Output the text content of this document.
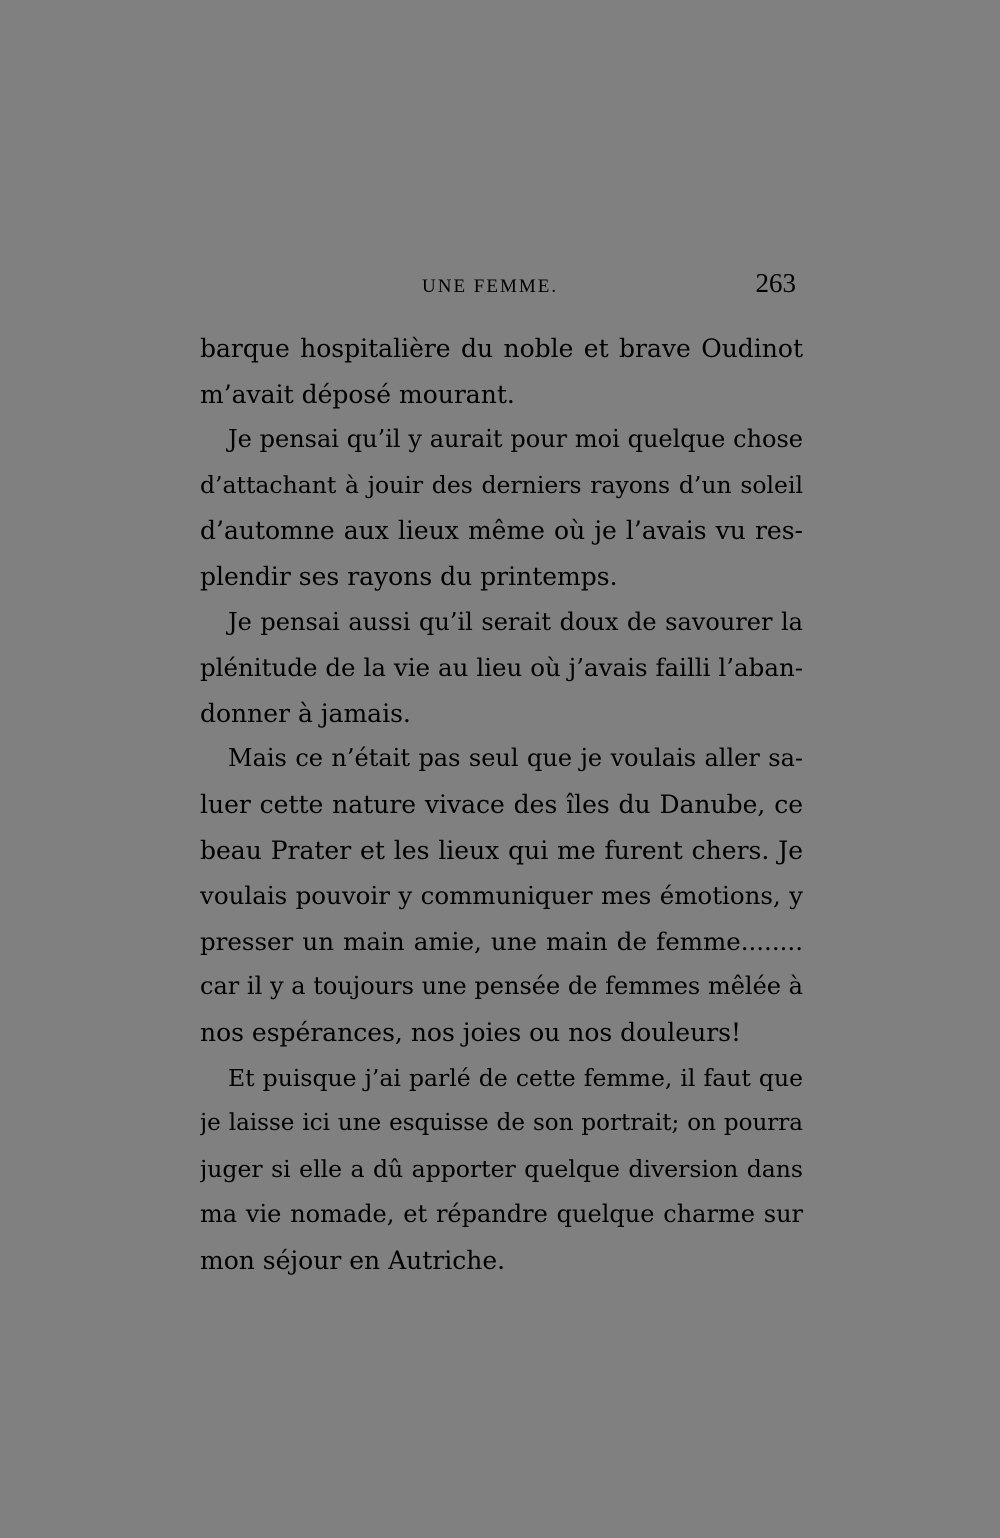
UNE FEMME.	263
barque hospitalière du noble et brave Oudinot
m’avait déposé mourant.
Je pensai qu’il y aurait pour moi quelque chose
d’attachant à jouir des derniers rayons d’un soleil
d’automne aux lieux même où je l’avais vu res-
plendir ses rayons du printemps.
Je pensai aussi qu’il serait doux de savourer la
plénitude de la vie au lieu où j’avais failli l’aban-
donner à jamais.
Mais ce n’était pas seul que je voulais aller sa-
luer cette nature vivace des îles du Danube, ce
beau Prater et les lieux qui me furent chers. Je
voulais pouvoir y communiquer mes émotions, y
presser un main amie, une main de femme........
car il y a toujours une pensée de femmes mêlée à
nos espérances, nos joies ou nos douleurs!
Et puisque j’ai parlé de cette femme, il faut que
je laisse ici une esquisse de son portrait; on pourra
juger si elle a dû apporter quelque diversion dans
ma vie nomade, et répandre quelque charme sur
mon séjour en Autriche.
